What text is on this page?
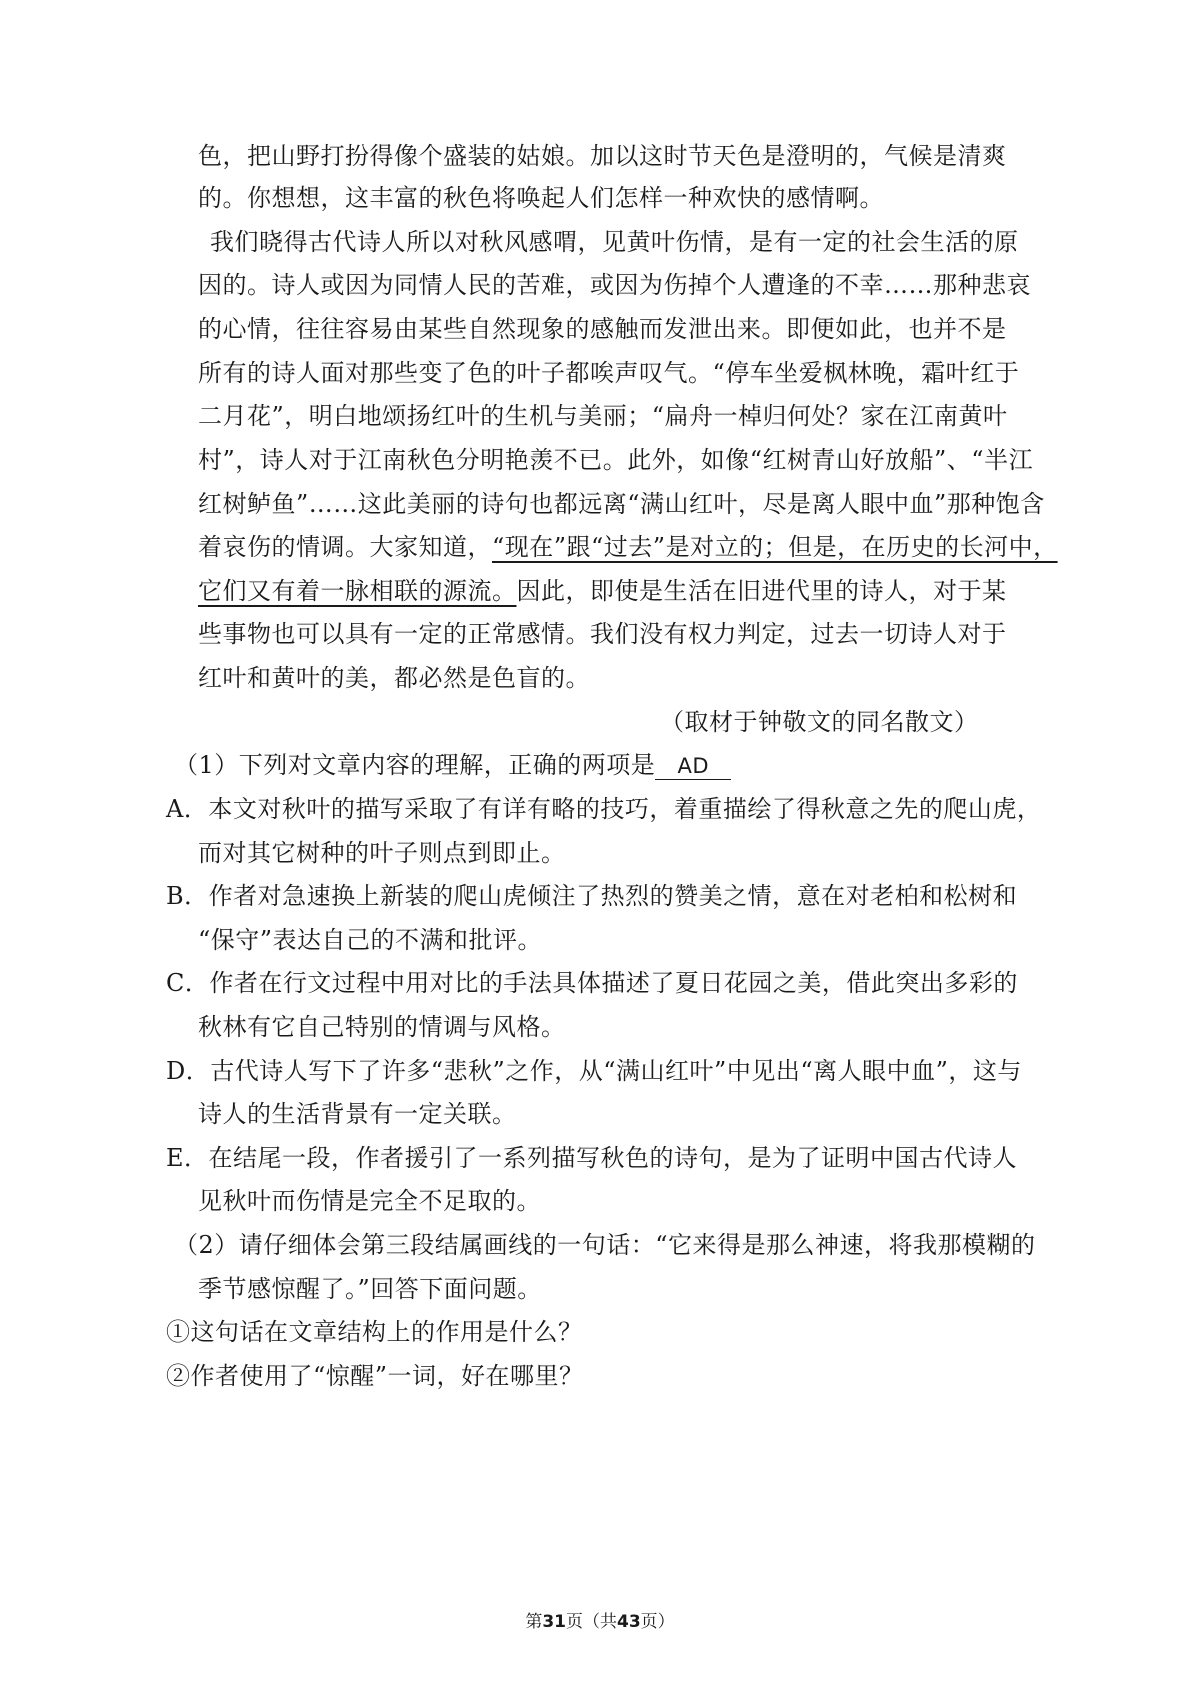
色，把山野打扮得像个盛装的姑娘。加以这时节天色是澄明的，气候是清爽
的。你想想，这丰富的秋色将唤起人们怎样一种欢快的感情啊。
我们晓得古代诗人所以对秋风感喟，见黄叶伤情，是有一定的社会生活的原
因的。诗人或因为同情人民的苦难，或因为伤掉个人遭逢的不幸……那种悲哀
的心情，往往容易由某些自然现象的感触而发泄出来。即便如此，也并不是
所有的诗人面对那些变了色的叶子都唉声叹气。“停车坐爱枫林晚，霜叶红于
二月花”，明白地颂扬红叶的生机与美丽；“扁舟一棹归何处？家在江南黄叶
村”，诗人对于江南秋色分明艳羡不已。此外，如像“红树青山好放船”、“半江
红树鲈鱼”……这此美丽的诗句也都远离“满山红叶，尽是离人眼中血”那种饱含
着哀伤的情调。大家知道，“现在”跟“过去”是对立的；但是，在历史的长河中，
它们又有着一脉相联的源流。因此，即使是生活在旧进代里的诗人，对于某
些事物也可以具有一定的正常感情。我们没有权力判定，过去一切诗人对于
红叶和黄叶的美，都必然是色盲的。
（取材于钟敬文的同名散文）
（1）下列对文章内容的理解，正确的两项是 AD
A．本文对秋叶的描写采取了有详有略的技巧，着重描绘了得秋意之先的爬山虎，
而对其它树种的叶子则点到即止。
B．作者对急速换上新装的爬山虎倾注了热烈的赞美之情，意在对老柏和松树和
“保守”表达自己的不满和批评。
C．作者在行文过程中用对比的手法具体描述了夏日花园之美，借此突出多彩的
秋林有它自己特别的情调与风格。
D．古代诗人写下了许多“悲秋”之作，从“满山红叶”中见出“离人眼中血”，这与
诗人的生活背景有一定关联。
E．在结尾一段，作者援引了一系列描写秋色的诗句，是为了证明中国古代诗人
见秋叶而伤情是完全不足取的。
（2）请仔细体会第三段结属画线的一句话：“它来得是那么神速，将我那模糊的
季节感惊醒了。”回答下面问题。
①这句话在文章结构上的作用是什么？
②作者使用了“惊醒”一词，好在哪里？
第31页（共43页）
